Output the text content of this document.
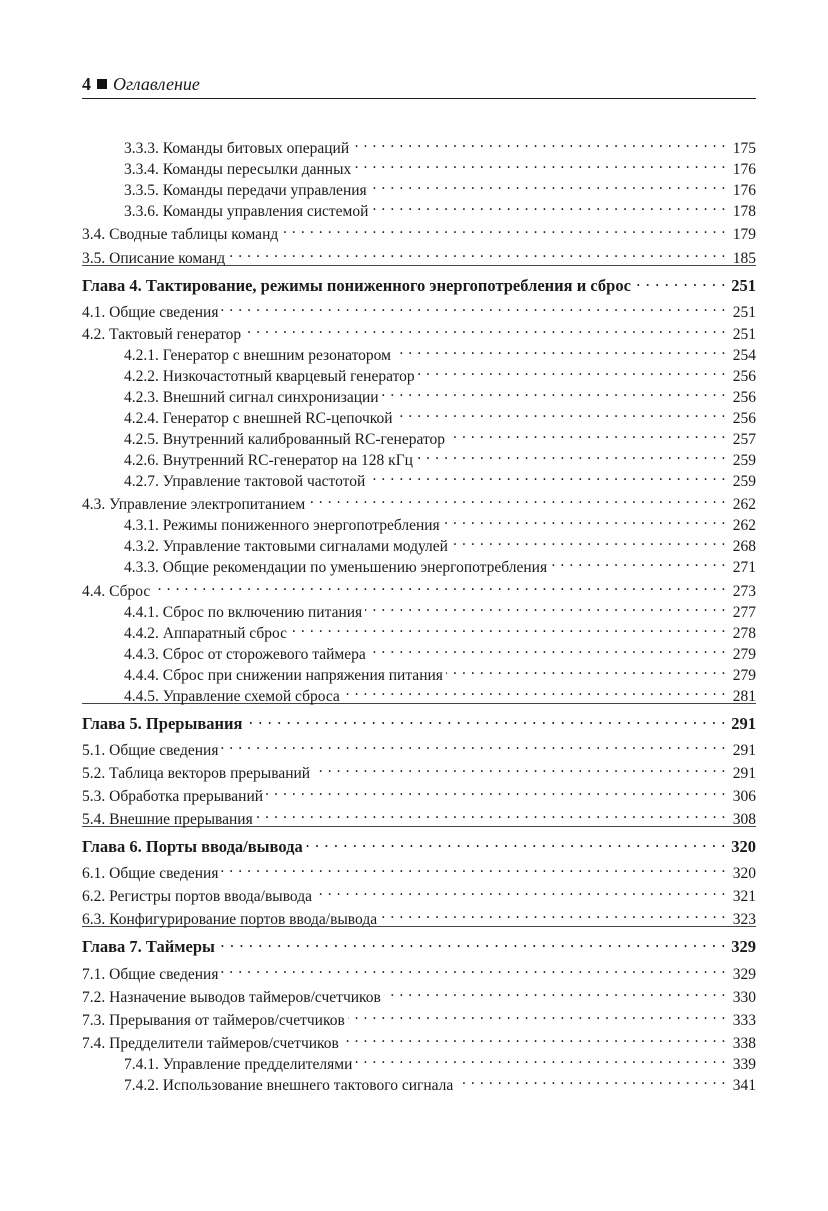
4 Оглавление
3.3.3. Команды битовых операций . . .	175
3.3.4. Команды пересылки данных . . .	176
3.3.5. Команды передачи управления . . .	176
3.3.6. Команды управления системой . . .	178
3.4. Сводные таблицы команд . . .	179
3.5. Описание команд . . .	185
Глава 4. Тактирование, режимы пониженного энергопотребления и сброс . . .	251
4.1. Общие сведения . . .	251
4.2. Тактовый генератор . . .	251
4.2.1. Генератор с внешним резонатором . . .	254
4.2.2. Низкочастотный кварцевый генератор . . .	256
4.2.3. Внешний сигнал синхронизации . . .	256
4.2.4. Генератор с внешней RC-цепочкой . . .	256
4.2.5. Внутренний калиброванный RC-генератор . . .	257
4.2.6. Внутренний RC-генератор на 128 кГц . . .	259
4.2.7. Управление тактовой частотой . . .	259
4.3. Управление электропитанием . . .	262
4.3.1. Режимы пониженного энергопотребления . . .	262
4.3.2. Управление тактовыми сигналами модулей . . .	268
4.3.3. Общие рекомендации по уменьшению энергопотребления . . .	271
4.4. Сброс . . .	273
4.4.1. Сброс по включению питания . . .	277
4.4.2. Аппаратный сброс . . .	278
4.4.3. Сброс от сторожевого таймера . . .	279
4.4.4. Сброс при снижении напряжения питания . . .	279
4.4.5. Управление схемой сброса . . .	281
Глава 5. Прерывания . . .	291
5.1. Общие сведения . . .	291
5.2. Таблица векторов прерываний . . .	291
5.3. Обработка прерываний . . .	306
5.4. Внешние прерывания . . .	308
Глава 6. Порты ввода/вывода . . .	320
6.1. Общие сведения . . .	320
6.2. Регистры портов ввода/вывода . . .	321
6.3. Конфигурирование портов ввода/вывода . . .	323
Глава 7. Таймеры . . .	329
7.1. Общие сведения . . .	329
7.2. Назначение выводов таймеров/счетчиков . . .	330
7.3. Прерывания от таймеров/счетчиков . . .	333
7.4. Предделители таймеров/счетчиков . . .	338
7.4.1. Управление предделителями . . .	339
7.4.2. Использование внешнего тактового сигнала . . .	341
